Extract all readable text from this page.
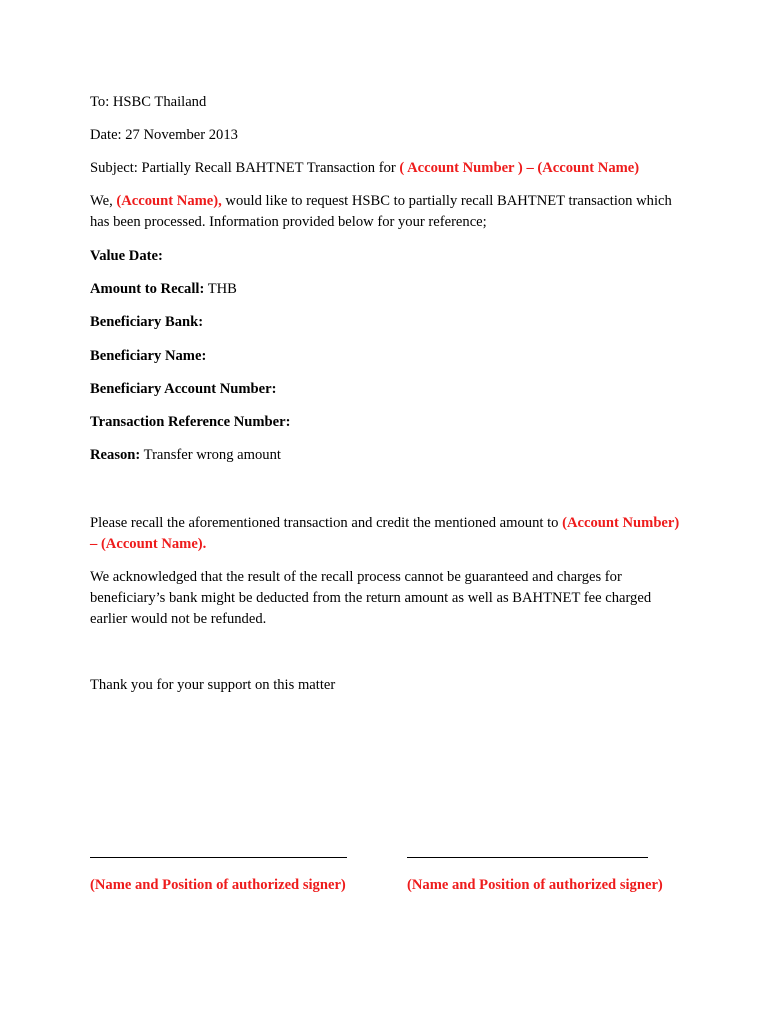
To: HSBC Thailand
Date: 27 November 2013
Subject: Partially Recall BAHTNET Transaction for ( Account Number ) – (Account Name)
We, (Account Name), would like to request HSBC to partially recall BAHTNET transaction which has been processed. Information provided below for your reference;
Value Date:
Amount to Recall: THB
Beneficiary Bank:
Beneficiary Name:
Beneficiary Account Number:
Transaction Reference Number:
Reason: Transfer wrong amount
Please recall the aforementioned transaction and credit the mentioned amount to (Account Number) – (Account Name).
We acknowledged that the result of the recall process cannot be guaranteed and charges for beneficiary’s bank might be deducted from the return amount as well as BAHTNET fee charged earlier would not be refunded.
Thank you for your support on this matter
(Name and Position of authorized signer)	(Name and Position of authorized signer)
